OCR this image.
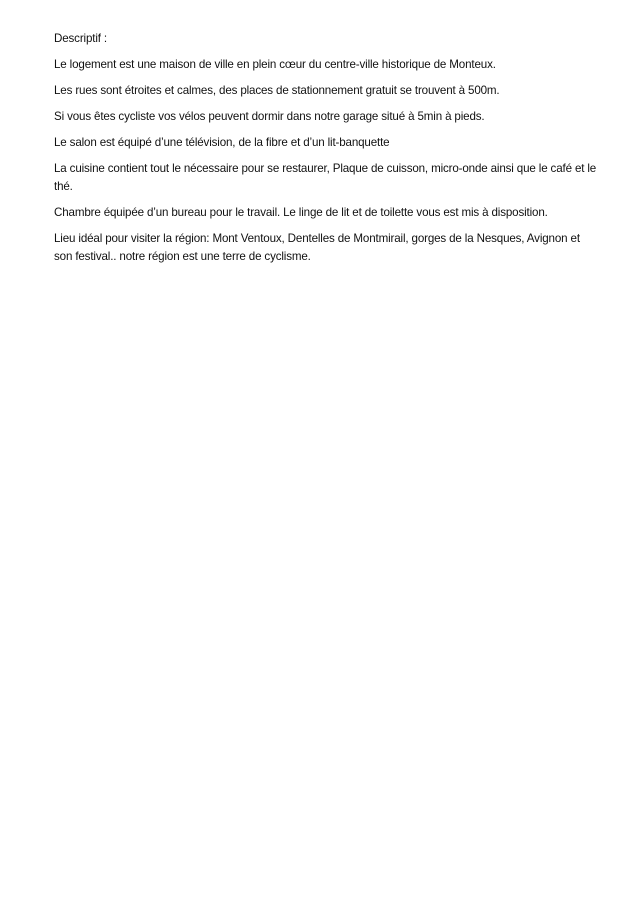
Descriptif :

Le logement est une maison de ville en plein cœur du centre-ville historique de Monteux.

Les rues sont étroites et calmes, des places de stationnement gratuit se trouvent à 500m.

Si vous êtes cycliste vos vélos peuvent dormir dans notre garage situé à 5min à pieds.

Le salon est équipé d’une télévision, de la fibre et d’un lit-banquette

La cuisine contient tout le nécessaire pour se restaurer, Plaque de cuisson, micro-onde ainsi que le café et le thé.

Chambre équipée d’un bureau pour le travail. Le linge de lit et de toilette vous est mis à disposition.

Lieu idéal pour visiter la région: Mont Ventoux, Dentelles de Montmirail, gorges de la Nesques, Avignon et son festival.. notre région est une terre de cyclisme.
